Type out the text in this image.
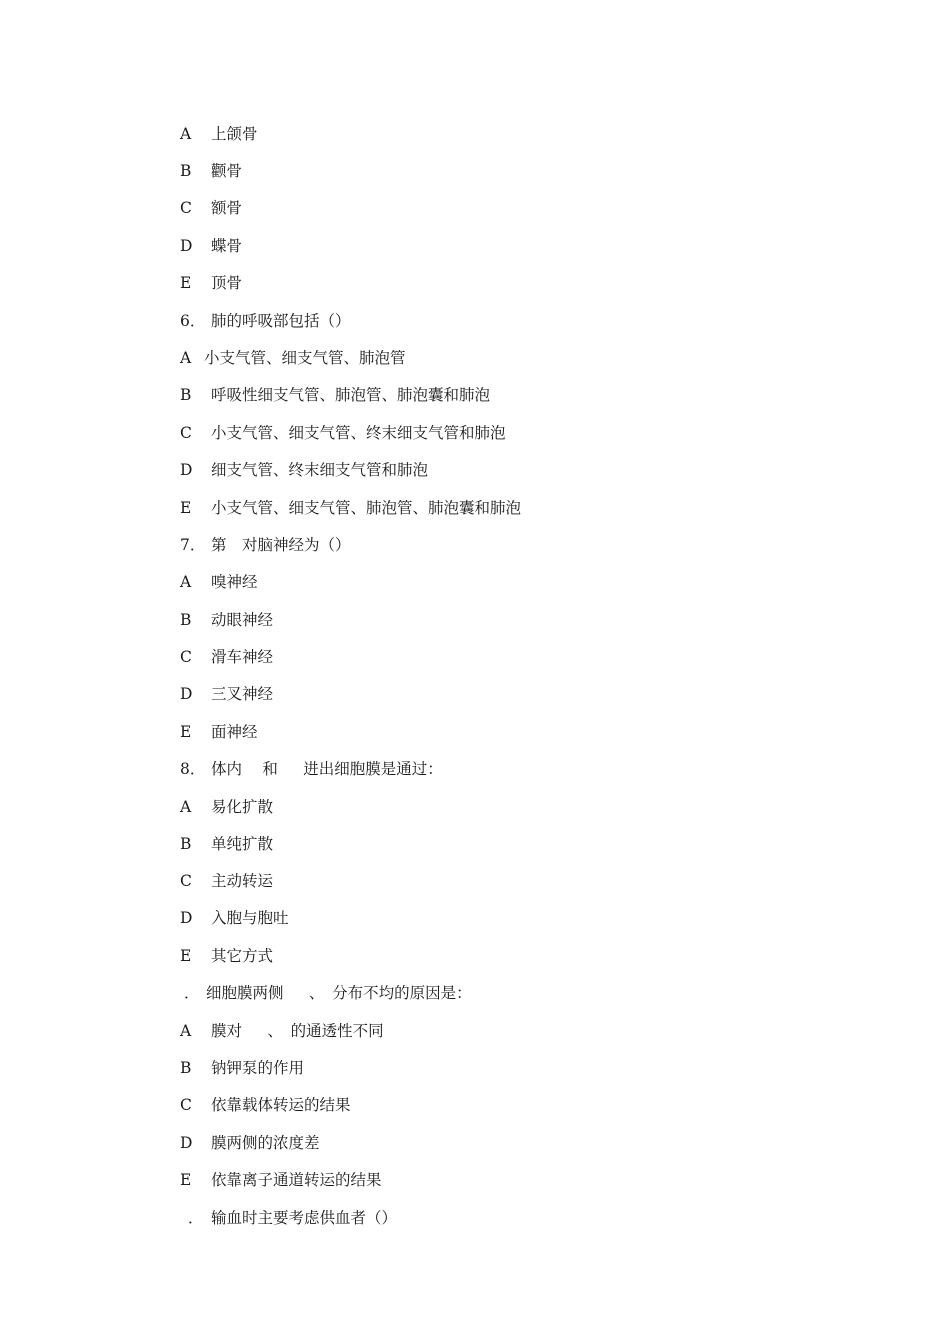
A 上颌骨
B 颧骨
C 额骨
D 蝶骨
E 顶骨
6． 肺的呼吸部包括（）
A 小支气管、细支气管、肺泡管
B 呼吸性细支气管、肺泡管、肺泡囊和肺泡
C 小支气管、细支气管、终末细支气管和肺泡
D 细支气管、终末细支气管和肺泡
E 小支气管、细支气管、肺泡管、肺泡囊和肺泡
7． 第　对脑神经为（）
A 嗅神经
B 动眼神经
C 滑车神经
D 三叉神经
E 面神经
8． 体内　 和　  进出细胞膜是通过：
A 易化扩散
B 单纯扩散
C 主动转运
D 入胞与胞吐
E 其它方式
． 细胞膜两侧　  、　分布不均的原因是：
A 膜对　  、　的通透性不同
B 钠钾泵的作用
C 依靠载体转运的结果
D 膜两侧的浓度差
E 依靠离子通道转运的结果
． 输血时主要考虑供血者（）
